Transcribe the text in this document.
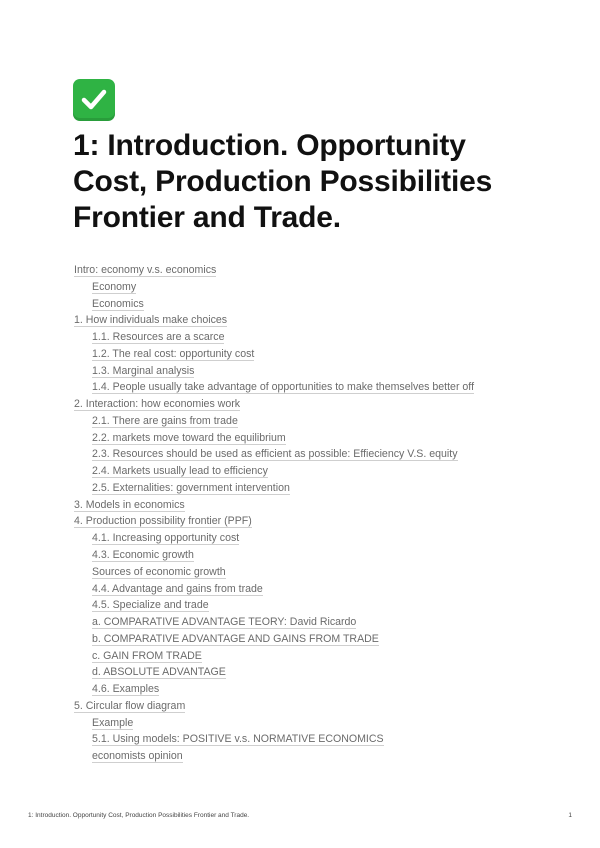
1: Introduction. Opportunity Cost, Production Possibilities Frontier and Trade.
Intro: economy v.s. economics
Economy
Economics
1. How individuals make choices
1.1. Resources are a scarce
1.2. The real cost: opportunity cost
1.3. Marginal analysis
1.4. People usually take advantage of opportunities to make themselves better off
2. Interaction: how economies work
2.1. There are gains from trade
2.2. markets move toward the equilibrium
2.3. Resources should be used as efficient as possible: Effieciency V.S. equity
2.4. Markets usually lead to efficiency
2.5. Externalities: government intervention
3. Models in economics
4. Production possibility frontier (PPF)
4.1. Increasing opportunity cost
4.3. Economic growth
Sources of economic growth
4.4. Advantage and gains from trade
4.5. Specialize and trade
a. COMPARATIVE ADVANTAGE TEORY: David Ricardo
b. COMPARATIVE ADVANTAGE AND GAINS FROM TRADE
c. GAIN FROM TRADE
d. ABSOLUTE ADVANTAGE
4.6. Examples
5. Circular flow diagram
Example
5.1. Using models: POSITIVE v.s. NORMATIVE ECONOMICS
economists opinion
1: Introduction. Opportunity Cost, Production Possibilities Frontier and Trade.	1
